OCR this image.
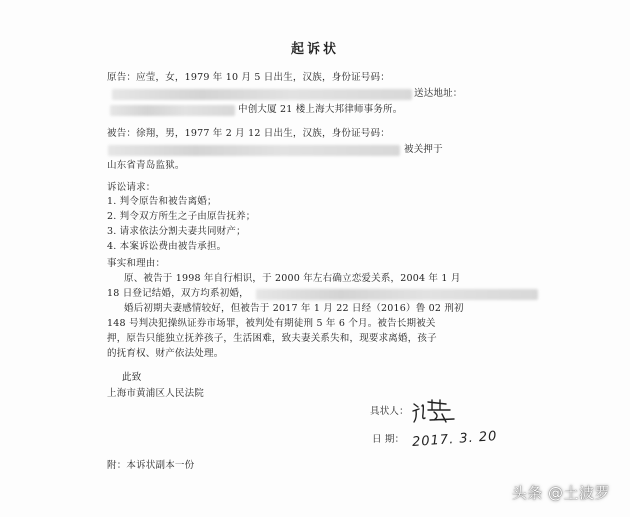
起诉状
原告：应莹，女，1979 年 10 月 5 日出生，汉族，身份证号码：
送达地址：
中创大厦 21 楼上海大邦律师事务所。
被告：徐翔，男，1977 年 2 月 12 日出生，汉族，身份证号码：
被关押于
山东省青岛监狱。
诉讼请求：
1. 判令原告和被告离婚；
2. 判令双方所生之子由原告抚养；
3. 请求依法分割夫妻共同财产；
4. 本案诉讼费由被告承担。
事实和理由：
原、被告于 1998 年自行相识，于 2000 年左右确立恋爱关系，2004 年 1 月
18 日登记结婚，双方均系初婚，
婚后初期夫妻感情较好，但被告于 2017 年 1 月 22 日经（2016）鲁 02 刑初
148 号判决犯操纵证券市场罪，被判处有期徒刑 5 年 6 个月。被告长期被关
押，原告只能独立抚养孩子，生活困难，致夫妻关系失和，现要求离婚，孩子
的抚育权、财产依法处理。
此致
上海市黄浦区人民法院
具状人：
日 期： 2017. 3. 20
附：本诉状副本一份
头条 @土波罗
